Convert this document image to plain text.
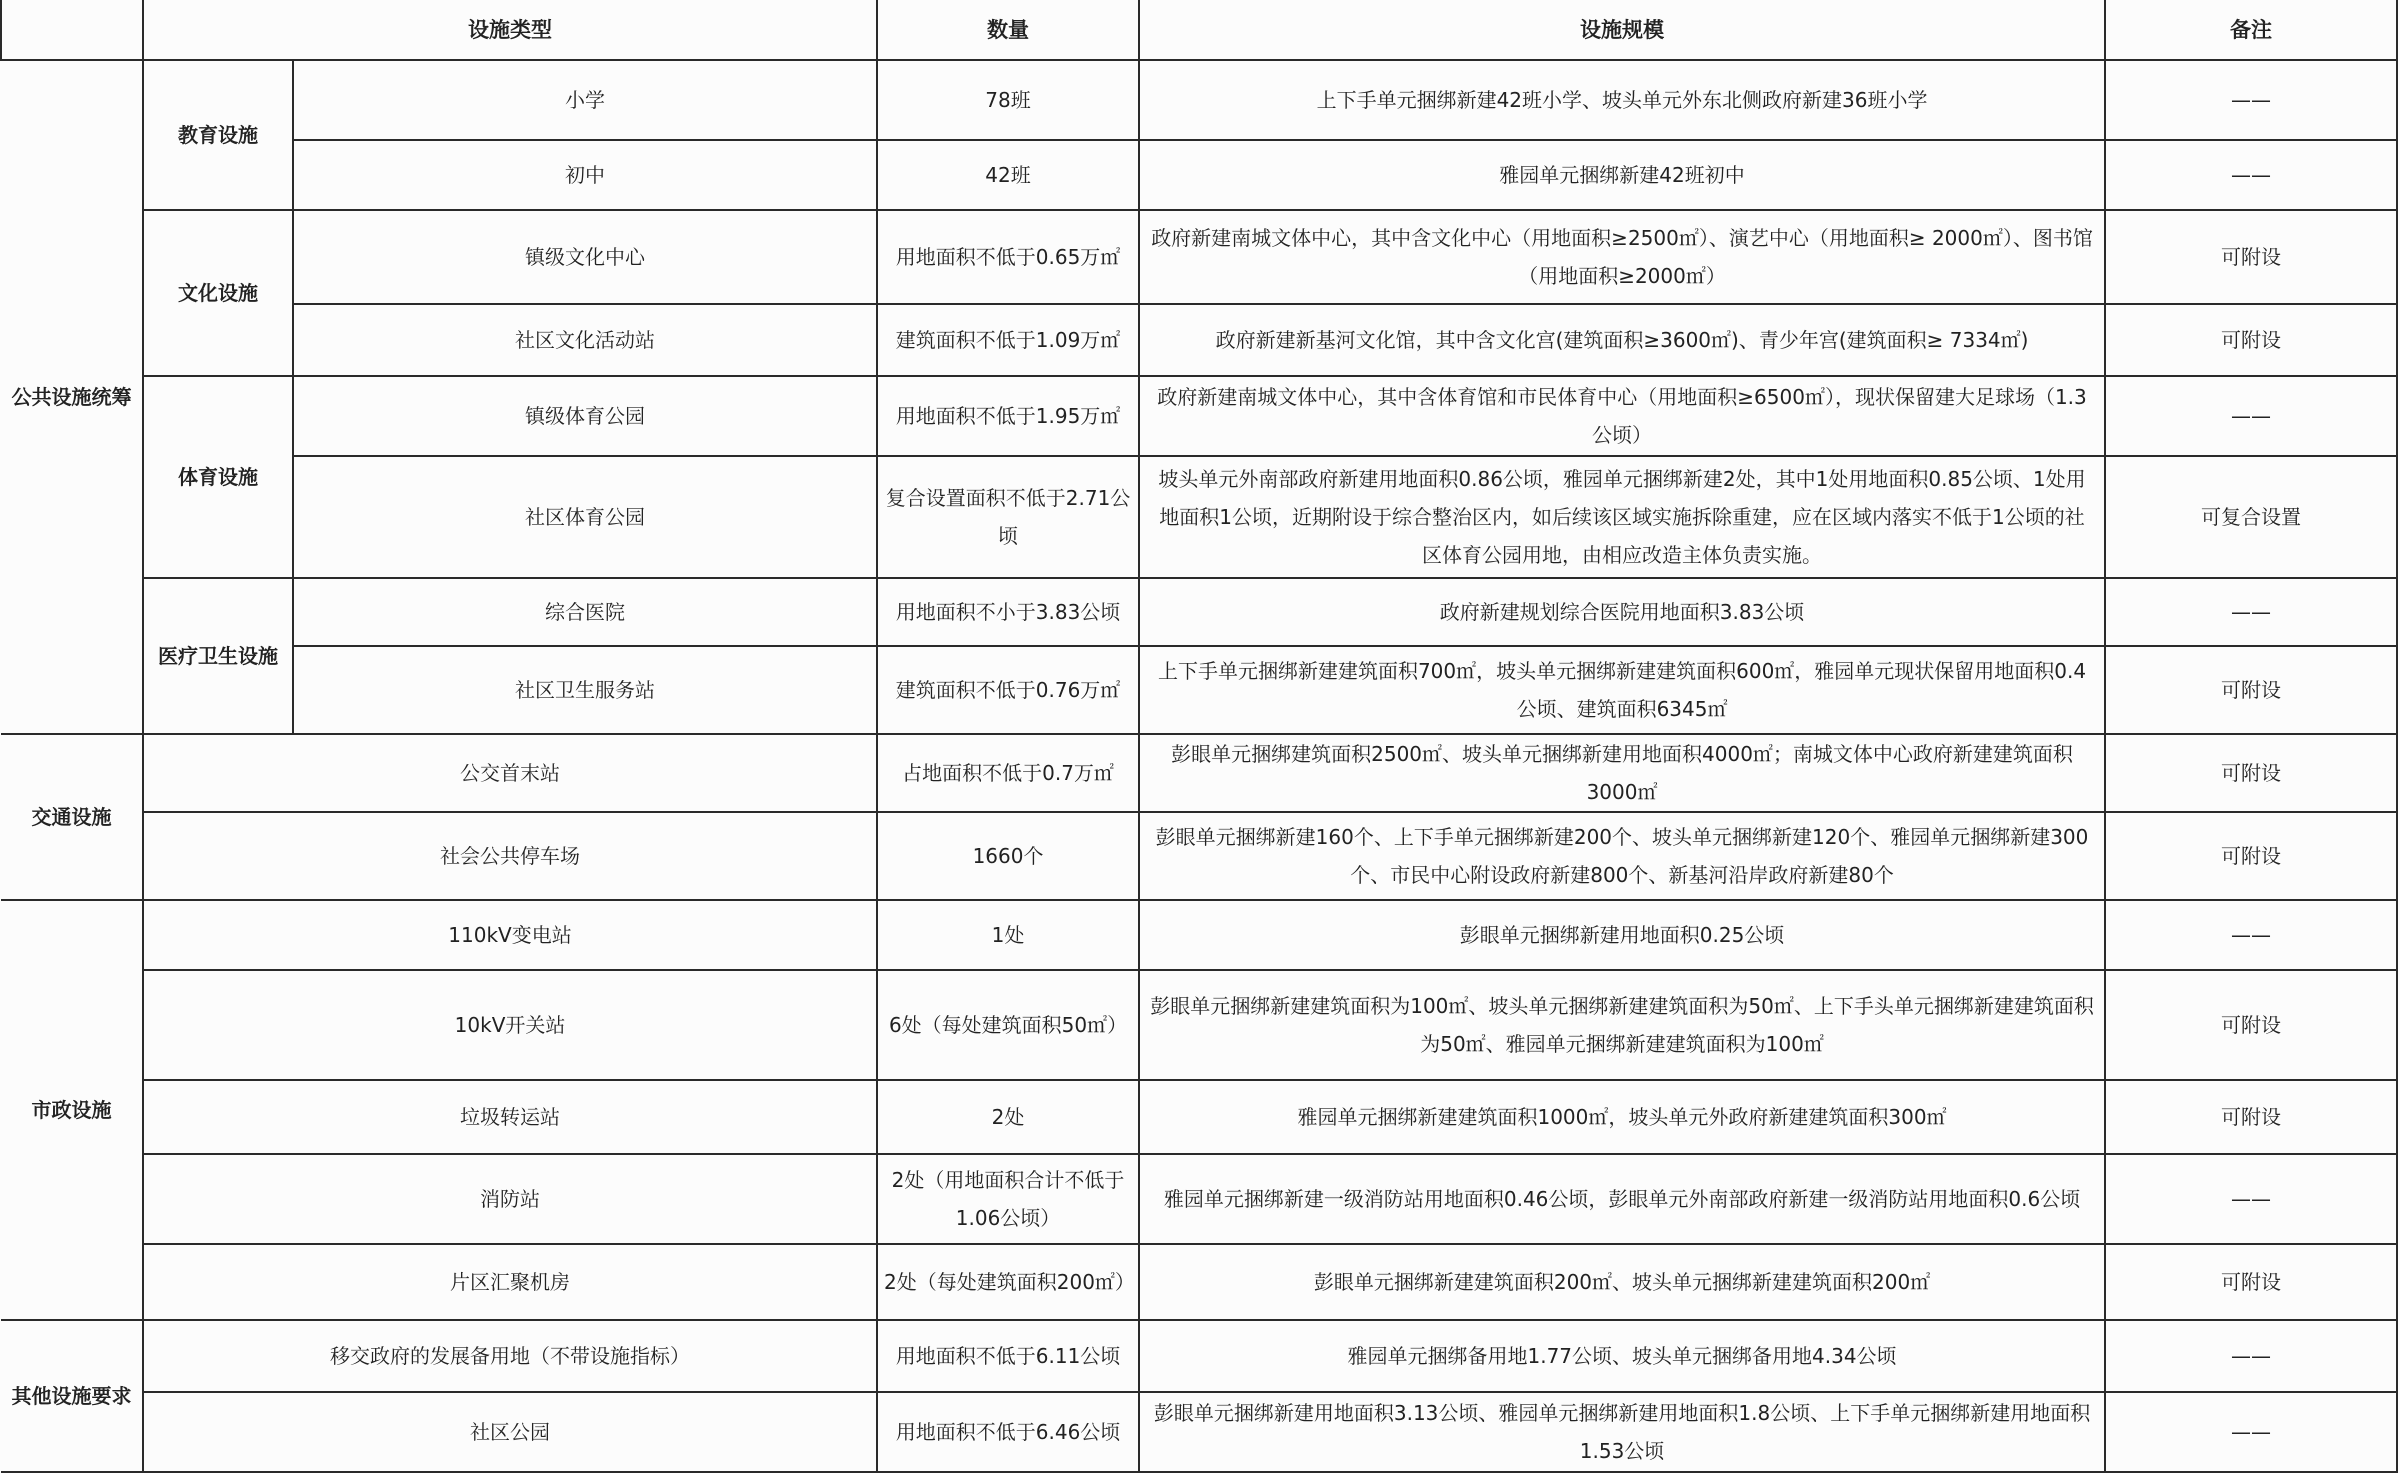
	设施类型		数量	设施规模	备注
公共设施统筹	教育设施	小学	78班	上下手单元捆绑新建42班小学、坡头单元外东北侧政府新建36班小学	——
		初中	42班	雅园单元捆绑新建42班初中	——
	文化设施	镇级文化中心	用地面积不低于0.65万㎡	政府新建南城文体中心，其中含文化中心（用地面积≥2500㎡）、演艺中心（用地面积≥ 2000㎡）、图书馆（用地面积≥2000㎡）	可附设
		社区文化活动站	建筑面积不低于1.09万㎡	政府新建新基河文化馆，其中含文化宫(建筑面积≥3600㎡)、青少年宫(建筑面积≥ 7334㎡)	可附设
	体育设施	镇级体育公园	用地面积不低于1.95万㎡	政府新建南城文体中心，其中含体育馆和市民体育中心（用地面积≥6500㎡），现状保留建大足球场（1.3公顷）	——
		社区体育公园	复合设置面积不低于2.71公顷	坡头单元外南部政府新建用地面积0.86公顷，雅园单元捆绑新建2处，其中1处用地面积0.85公顷、1处用地面积1公顷，近期附设于综合整治区内，如后续该区域实施拆除重建，应在区域内落实不低于1公顷的社区体育公园用地，由相应改造主体负责实施。	可复合设置
	医疗卫生设施	综合医院	用地面积不小于3.83公顷	政府新建规划综合医院用地面积3.83公顷	——
		社区卫生服务站	建筑面积不低于0.76万㎡	上下手单元捆绑新建建筑面积700㎡，坡头单元捆绑新建建筑面积600㎡，雅园单元现状保留用地面积0.4公顷、建筑面积6345㎡	可附设
交通设施	公交首末站		占地面积不低于0.7万㎡	彭眼单元捆绑建筑面积2500㎡、坡头单元捆绑新建用地面积4000㎡；南城文体中心政府新建建筑面积3000㎡	可附设
	社会公共停车场		1660个	彭眼单元捆绑新建160个、上下手单元捆绑新建200个、坡头单元捆绑新建120个、雅园单元捆绑新建300个、市民中心附设政府新建800个、新基河沿岸政府新建80个	可附设
市政设施	110kV变电站		1处	彭眼单元捆绑新建用地面积0.25公顷	——
	10kV开关站		6处（每处建筑面积50㎡）	彭眼单元捆绑新建建筑面积为100㎡、坡头单元捆绑新建建筑面积为50㎡、上下手头单元捆绑新建建筑面积为50㎡、雅园单元捆绑新建建筑面积为100㎡	可附设
	垃圾转运站		2处	雅园单元捆绑新建建筑面积1000㎡，坡头单元外政府新建建筑面积300㎡	可附设
	消防站		2处（用地面积合计不低于1.06公顷）	雅园单元捆绑新建一级消防站用地面积0.46公顷，彭眼单元外南部政府新建一级消防站用地面积0.6公顷	——
	片区汇聚机房		2处（每处建筑面积200㎡）	彭眼单元捆绑新建建筑面积200㎡、坡头单元捆绑新建建筑面积200㎡	可附设
其他设施要求	移交政府的发展备用地（不带设施指标）		用地面积不低于6.11公顷	雅园单元捆绑备用地1.77公顷、坡头单元捆绑备用地4.34公顷	——
	社区公园		用地面积不低于6.46公顷	彭眼单元捆绑新建用地面积3.13公顷、雅园单元捆绑新建用地面积1.8公顷、上下手单元捆绑新建用地面积1.53公顷	——
